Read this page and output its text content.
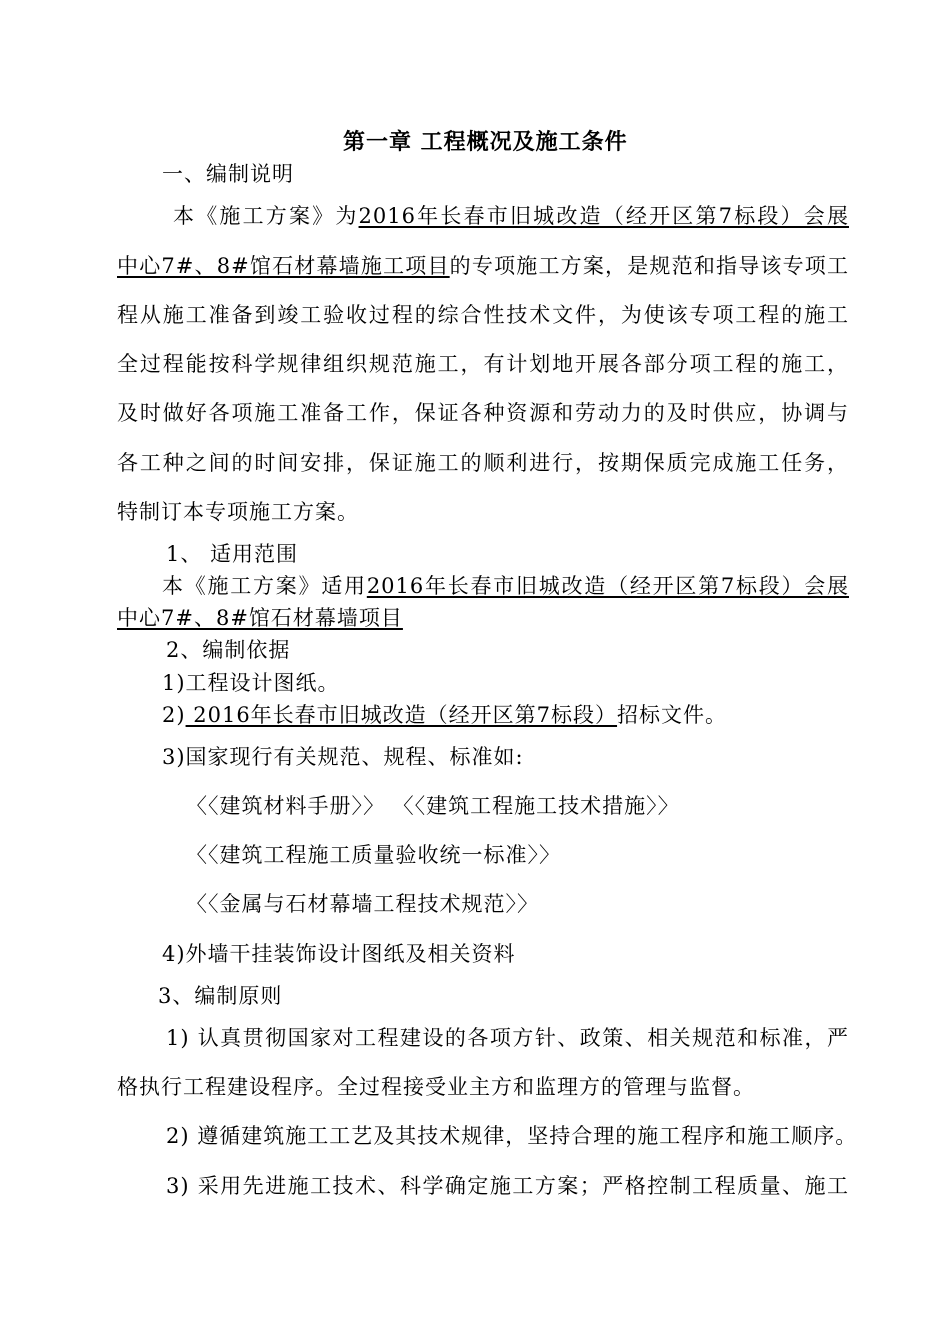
第一章 工程概况及施工条件
一、编制说明
本《施工方案》为2016年长春市旧城改造（经开区第7标段）会展
中心7#、8#馆石材幕墙施工项目的专项施工方案，是规范和指导该专项工
程从施工准备到竣工验收过程的综合性技术文件，为使该专项工程的施工
全过程能按科学规律组织规范施工，有计划地开展各部分项工程的施工，
及时做好各项施工准备工作，保证各种资源和劳动力的及时供应，协调与
各工种之间的时间安排，保证施工的顺利进行，按期保质完成施工任务，
特制订本专项施工方案。
1、 适用范围
本《施工方案》适用2016年长春市旧城改造（经开区第7标段）会展
中心7#、8#馆石材幕墙项目
2、编制依据
1)工程设计图纸。
2) 2016年长春市旧城改造（经开区第7标段）招标文件。
3)国家现行有关规范、规程、标准如:
〈〈建筑材料手册〉〉 〈〈建筑工程施工技术措施〉〉
〈〈建筑工程施工质量验收统一标准〉〉
〈〈金属与石材幕墙工程技术规范〉〉
4)外墙干挂装饰设计图纸及相关资料
3、编制原则
1) 认真贯彻国家对工程建设的各项方针、政策、相关规范和标准，严
格执行工程建设程序。全过程接受业主方和监理方的管理与监督。
2) 遵循建筑施工工艺及其技术规律，坚持合理的施工程序和施工顺序。
3) 采用先进施工技术、科学确定施工方案；严格控制工程质量、施工
